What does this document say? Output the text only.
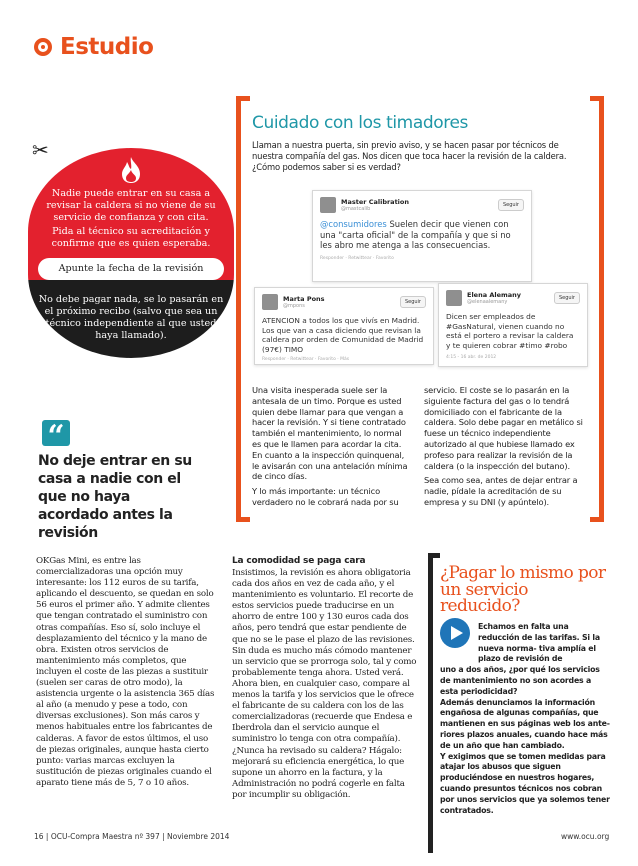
Estudio
Nadie puede entrar en su casa a revisar la caldera si no viene de su servicio de confianza y con cita.
Pida al técnico su acreditación y confirme que es quien esperaba.
Apunte la fecha de la revisión
No debe pagar nada, se lo pasarán en el próximo recibo (salvo que sea un técnico independiente al que usted haya llamado).
“
No deje entrar en su casa a nadie con el que no haya acordado antes la revisión
Cuidado con los timadores
Llaman a nuestra puerta, sin previo aviso, y se hacen pasar por técnicos de nuestra compañía del gas. Nos dicen que toca hacer la revisión de la caldera. ¿Cómo podemos saber si es verdad?
Master Calibration
@mastcalib
Seguir
@consumidores Suelen decir que vienen con una "carta oficial" de la compañía y que si no les abro me atenga a las consecuencias.
Responder · Retwittear · Favorito
Marta Pons
@mpons
Seguir
ATENCION a todos los que vivís en Madrid. Los que van a casa diciendo que revisan la caldera por orden de Comunidad de Madrid (97€) TIMO
Responder · Retwittear · Favorito · Más
Elena Alemany
@elenaalemany
Seguir
Dicen ser empleados de #GasNatural, vienen cuando no está el portero a revisar la caldera y te quieren cobrar #timo #robo
4:15 - 16 abr. de 2012

Una visita inesperada suele ser la antesala de un timo. Porque es usted quien debe llamar para que vengan a hacer la revisión. Y si tiene contratado también el mantenimiento, lo normal es que le llamen para acordar la cita. En cuanto a la inspección quinquenal, le avisarán con una antelación mínima de cinco días.

Y lo más importante: un técnico verdadero no le cobrará nada por su

servicio. El coste se lo pasarán en la siguiente factura del gas o lo tendrá domiciliado con el fabricante de la caldera. Solo debe pagar en metálico si fuese un técnico independiente autorizado al que hubiese llamado ex profeso para realizar la revisión de la caldera (o la inspección del butano).

Sea como sea, antes de dejar entrar a nadie, pídale la acreditación de su empresa y su DNI (y apúntelo).

OKGas Mini, es entre las comercializadoras una opción muy interesante: los 112 euros de su tarifa, aplicando el descuento, se quedan en solo 56 euros el primer año. Y admite clientes que tengan contratado el suministro con otras compañías. Eso sí, solo incluye el desplazamiento del técnico y la mano de obra. Existen otros servicios de mantenimiento más completos, que incluyen el coste de las piezas a sustituir (suelen ser caras de otro modo), la asistencia urgente o la asistencia 365 días al año (a menudo y pese a todo, con diversas exclusiones). Son más caros y menos habituales entre los fabricantes de calderas. A favor de estos últimos, el uso de piezas originales, aunque hasta cierto punto: varias marcas excluyen la sustitución de piezas originales cuando el aparato tiene más de 5, 7 o 10 años.

La comodidad se paga cara

Insistimos, la revisión es ahora obligatoria cada dos años en vez de cada año, y el mantenimiento es voluntario. El recorte de estos servicios puede traducirse en un ahorro de entre 100 y 130 euros cada dos años, pero tendrá que estar pendiente de que no se le pase el plazo de las revisiones. Sin duda es mucho más cómodo mantener un servicio que se prorroga solo, tal y como probablemente tenga ahora. Usted verá. Ahora bien, en cualquier caso, compare al menos la tarifa y los servicios que le ofrece el fabricante de su caldera con los de las comercializadoras (recuerde que Endesa e Iberdrola dan el servicio aunque el suministro lo tenga con otra compañía). ¿Nunca ha revisado su caldera? Hágalo: mejorará su eficiencia energética, lo que supone un ahorro en la factura, y la Administración no podrá cogerle en falta por incumplir su obligación.

¿Pagar lo mismo por un servicio reducido?
Echamos en falta una reducción de las tarifas. Si la nueva norma- tiva amplía el plazo de revisión de

uno a dos años, ¿por qué los servicios de mantenimiento no son acordes a esta periodicidad?

Además denunciamos la información engañosa de algunas compañías, que mantienen en sus páginas web los ante- riores plazos anuales, cuando hace más de un año que han cambiado.

Y exigimos que se tomen medidas para atajar los abusos que siguen produciéndose en nuestros hogares, cuando presuntos técnicos nos cobran por unos servicios que ya solemos tener contratados.

16 | OCU-Compra Maestra nº 397 | Noviembre 2014	www.ocu.org
